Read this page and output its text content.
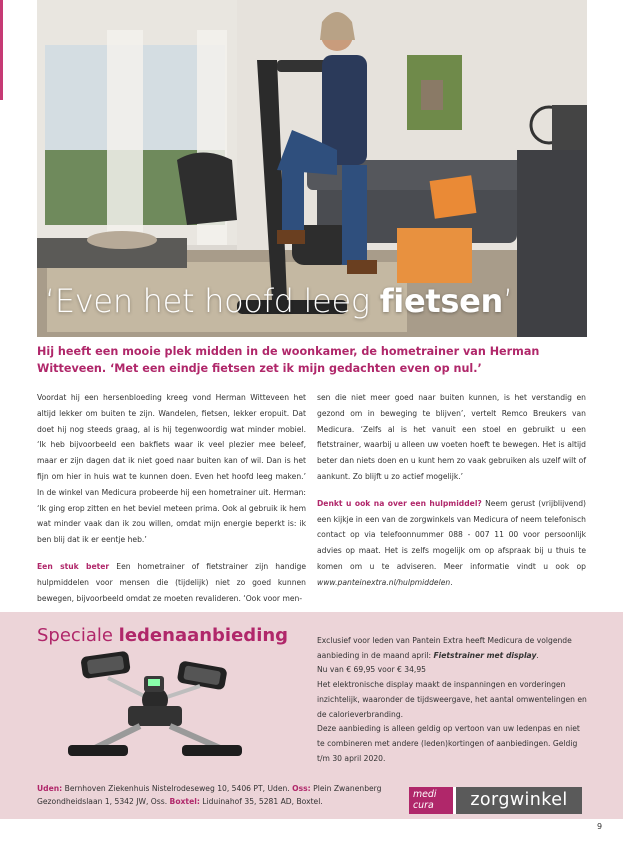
‘Even het hoofd leeg fietsen’
Hij heeft een mooie plek midden in de woonkamer, de hometrainer van Herman Witteveen. ‘Met een eindje fietsen zet ik mijn gedachten even op nul.’

Voordat hij een hersenbloeding kreeg vond Herman Witteveen het altijd lekker om buiten te zijn. Wandelen, fietsen, lekker eropuit. Dat doet hij nog steeds graag, al is hij tegenwoordig wat minder mobiel. ‘Ik heb bijvoorbeeld een bakfiets waar ik veel plezier mee beleef, maar er zijn dagen dat ik niet goed naar buiten kan of wil. Dan is het fijn om hier in huis wat te kunnen doen. Even het hoofd leeg maken.’ In de winkel van Medicura probeerde hij een hometrainer uit. Herman: ‘Ik ging erop zitten en het beviel meteen prima. Ook al gebruik ik hem wat minder vaak dan ik zou willen, omdat mijn energie beperkt is: ik ben blij dat ik er eentje heb.’

Een stuk beter Een hometrainer of fietstrainer zijn handige hulpmiddelen voor mensen die (tijdelijk) niet zo goed kunnen bewegen, bijvoorbeeld omdat ze moeten revalideren. ‘Ook voor men-

sen die niet meer goed naar buiten kunnen, is het verstandig en gezond om in beweging te blijven’, vertelt Remco Breukers van Medicura. ‘Zelfs al is het vanuit een stoel en gebruikt u een fietstrainer, waarbij u alleen uw voeten hoeft te bewegen. Het is altijd beter dan niets doen en u kunt hem zo vaak gebruiken als uzelf wilt of aankunt. Zo blijft u zo actief mogelijk.’

Denkt u ook na over een hulpmiddel? Neem gerust (vrijblijvend) een kijkje in een van de zorgwinkels van Medicura of neem telefonisch contact op via telefoonnummer 088 - 007 11 00 voor persoonlijk advies op maat. Het is zelfs mogelijk om op afspraak bij u thuis te komen om u te adviseren. Meer informatie vindt u ook op www.panteinextra.nl/hulpmiddelen.

Speciale ledenaanbieding	Exclusief voor leden van Pantein Extra heeft Medicura de volgende aanbieding in de maand april: Fietstrainer met display.

Nu van € 69,95 voor € 34,95

Het elektronische display maakt de inspanningen en vorderingen inzichtelijk, waaronder de tijdsweergave, het aantal omwentelingen en de calorieverbranding.

Deze aanbieding is alleen geldig op vertoon van uw ledenpas en niet te combineren met andere (leden)kortingen of aanbiedingen. Geldig t/m 30 april 2020.

Uden: Bernhoven Ziekenhuis Nistelrodeseweg 10, 5406 PT, Uden. Oss: Plein Zwanenberg Gezondheidslaan 1, 5342 JW, Oss. Boxtel: Liduinahof 35, 5281 AD, Boxtel.
medi
cura	zorgwinkel
9
